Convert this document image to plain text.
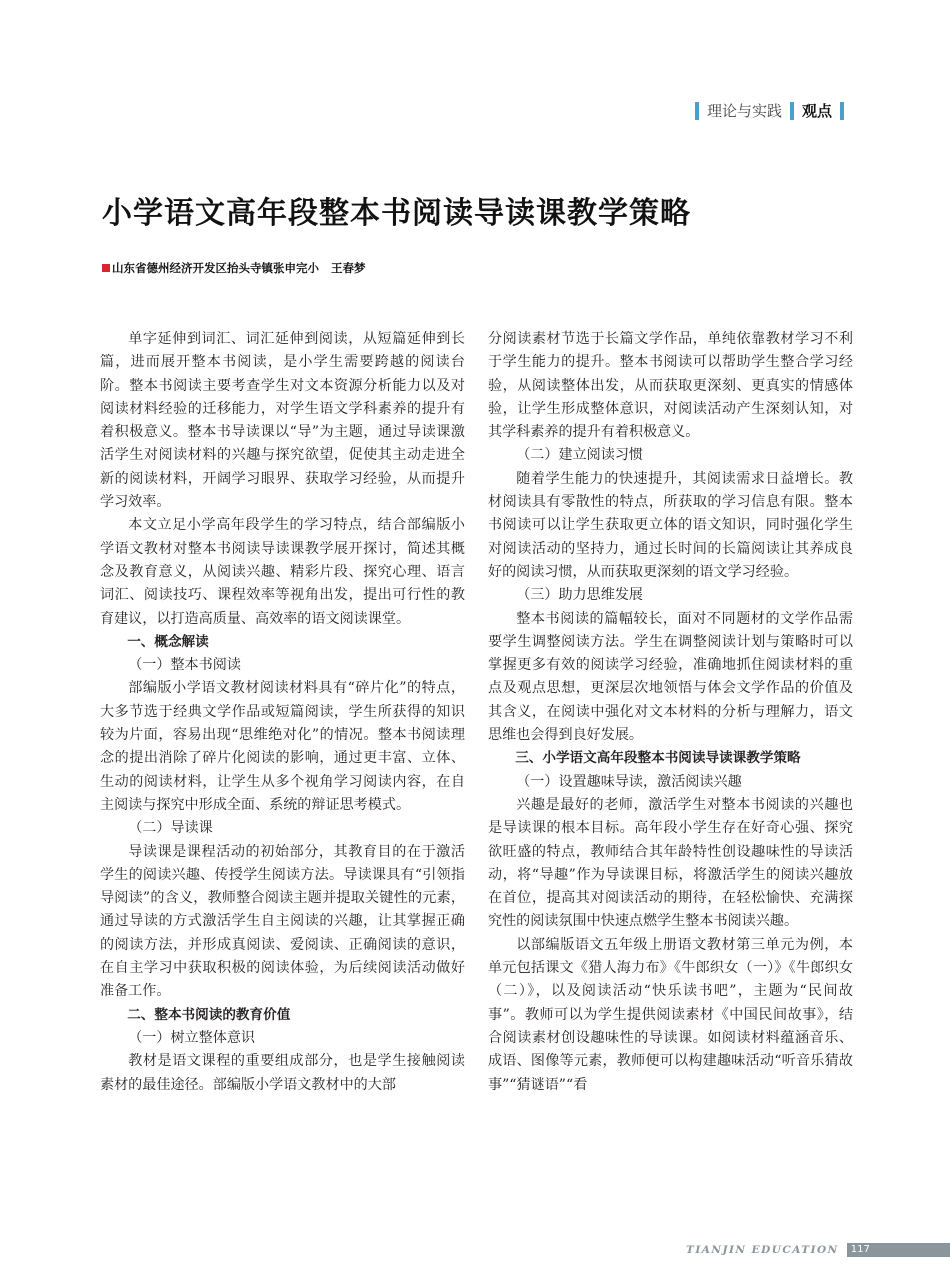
理论与实践 观点
小学语文高年段整本书阅读导读课教学策略
山东省德州经济开发区抬头寺镇张申完小 王春梦

单字延伸到词汇、词汇延伸到阅读，从短篇延伸到长篇，进而展开整本书阅读，是小学生需要跨越的阅读台阶。整本书阅读主要考查学生对文本资源分析能力以及对阅读材料经验的迁移能力，对学生语文学科素养的提升有着积极意义。整本书导读课以“导”为主题，通过导读课激活学生对阅读材料的兴趣与探究欲望，促使其主动走进全新的阅读材料，开阔学习眼界、获取学习经验，从而提升学习效率。

本文立足小学高年段学生的学习特点，结合部编版小学语文教材对整本书阅读导读课教学展开探讨，简述其概念及教育意义，从阅读兴趣、精彩片段、探究心理、语言词汇、阅读技巧、课程效率等视角出发，提出可行性的教育建议，以打造高质量、高效率的语文阅读课堂。

一、概念解读

（一）整本书阅读

部编版小学语文教材阅读材料具有“碎片化”的特点，大多节选于经典文学作品或短篇阅读，学生所获得的知识较为片面，容易出现“思维绝对化”的情况。整本书阅读理念的提出消除了碎片化阅读的影响，通过更丰富、立体、生动的阅读材料，让学生从多个视角学习阅读内容，在自主阅读与探究中形成全面、系统的辩证思考模式。

（二）导读课

导读课是课程活动的初始部分，其教育目的在于激活学生的阅读兴趣、传授学生阅读方法。导读课具有“引领指导阅读”的含义，教师整合阅读主题并提取关键性的元素，通过导读的方式激活学生自主阅读的兴趣，让其掌握正确的阅读方法，并形成真阅读、爱阅读、正确阅读的意识，在自主学习中获取积极的阅读体验，为后续阅读活动做好准备工作。

二、整本书阅读的教育价值

（一）树立整体意识

教材是语文课程的重要组成部分，也是学生接触阅读素材的最佳途径。部编版小学语文教材中的大部

分阅读素材节选于长篇文学作品，单纯依靠教材学习不利于学生能力的提升。整本书阅读可以帮助学生整合学习经验，从阅读整体出发，从而获取更深刻、更真实的情感体验，让学生形成整体意识，对阅读活动产生深刻认知，对其学科素养的提升有着积极意义。

（二）建立阅读习惯

随着学生能力的快速提升，其阅读需求日益增长。教材阅读具有零散性的特点，所获取的学习信息有限。整本书阅读可以让学生获取更立体的语文知识，同时强化学生对阅读活动的坚持力，通过长时间的长篇阅读让其养成良好的阅读习惯，从而获取更深刻的语文学习经验。

（三）助力思维发展

整本书阅读的篇幅较长，面对不同题材的文学作品需要学生调整阅读方法。学生在调整阅读计划与策略时可以掌握更多有效的阅读学习经验，准确地抓住阅读材料的重点及观点思想，更深层次地领悟与体会文学作品的价值及其含义，在阅读中强化对文本材料的分析与理解力，语文思维也会得到良好发展。

三、小学语文高年段整本书阅读导读课教学策略

（一）设置趣味导读，激活阅读兴趣

兴趣是最好的老师，激活学生对整本书阅读的兴趣也是导读课的根本目标。高年段小学生存在好奇心强、探究欲旺盛的特点，教师结合其年龄特性创设趣味性的导读活动，将“导趣”作为导读课目标，将激活学生的阅读兴趣放在首位，提高其对阅读活动的期待，在轻松愉快、充满探究性的阅读氛围中快速点燃学生整本书阅读兴趣。

以部编版语文五年级上册语文教材第三单元为例，本单元包括课文《猎人海力布》《牛郎织女（一）》《牛郎织女（二）》，以及阅读活动“快乐读书吧”，主题为“民间故事”。教师可以为学生提供阅读素材《中国民间故事》，结合阅读素材创设趣味性的导读课。如阅读材料蕴涵音乐、成语、图像等元素，教师便可以构建趣味活动“听音乐猜故事”“猜谜语”“看

TIANJIN EDUCATION	117
